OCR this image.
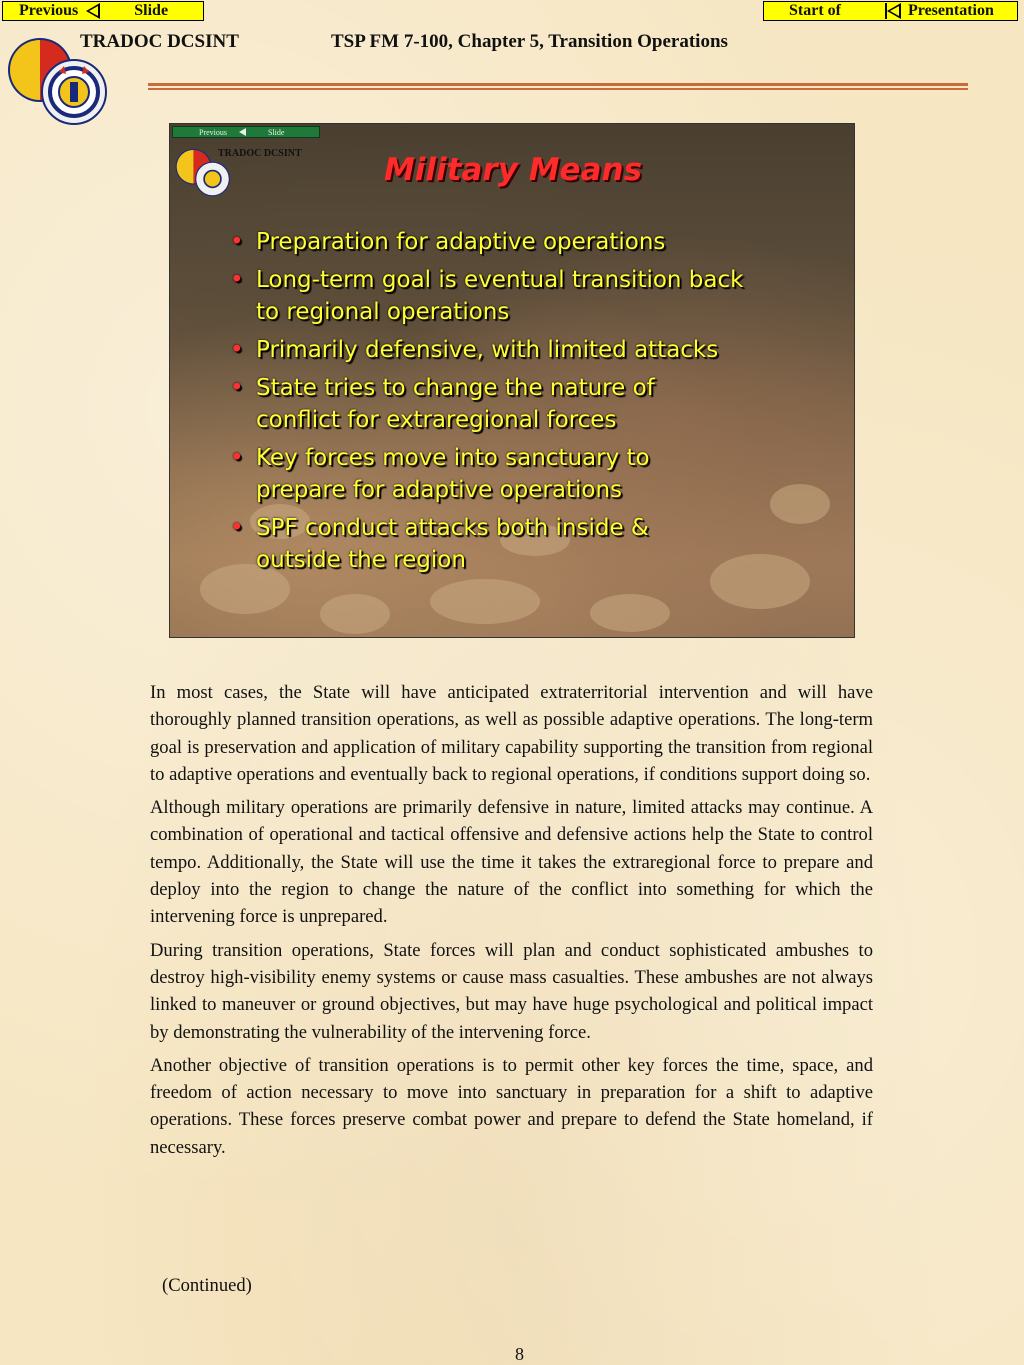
Previous	Slide	Start of	Presentation
TRADOC DCSINT	TSP FM 7-100, Chapter 5, Transition Operations
Previous	Slide
TRADOC DCSINT	Military Means
• Preparation for adaptive operations
• Long-term goal is eventual transition back to regional operations
• Primarily defensive, with limited attacks
• State tries to change the nature of conflict for extraregional forces
• Key forces move into sanctuary to prepare for adaptive operations
• SPF conduct attacks both inside & outside the region

In most cases, the State will have anticipated extraterritorial intervention and will have thoroughly planned transition operations, as well as possible adaptive operations. The long-term goal is preservation and application of military capability supporting the transition from regional to adaptive operations and eventually back to regional operations, if conditions support doing so.

Although military operations are primarily defensive in nature, limited attacks may continue. A combination of operational and tactical offensive and defensive actions help the State to control tempo. Additionally, the State will use the time it takes the extraregional force to prepare and deploy into the region to change the nature of the conflict into something for which the intervening force is unprepared.

During transition operations, State forces will plan and conduct sophisticated ambushes to destroy high-visibility enemy systems or cause mass casualties. These ambushes are not always linked to maneuver or ground objectives, but may have huge psychological and political impact by demonstrating the vulnerability of the intervening force.

Another objective of transition operations is to permit other key forces the time, space, and freedom of action necessary to move into sanctuary in preparation for a shift to adaptive operations. These forces preserve combat power and prepare to defend the State homeland, if necessary.

(Continued)
8
